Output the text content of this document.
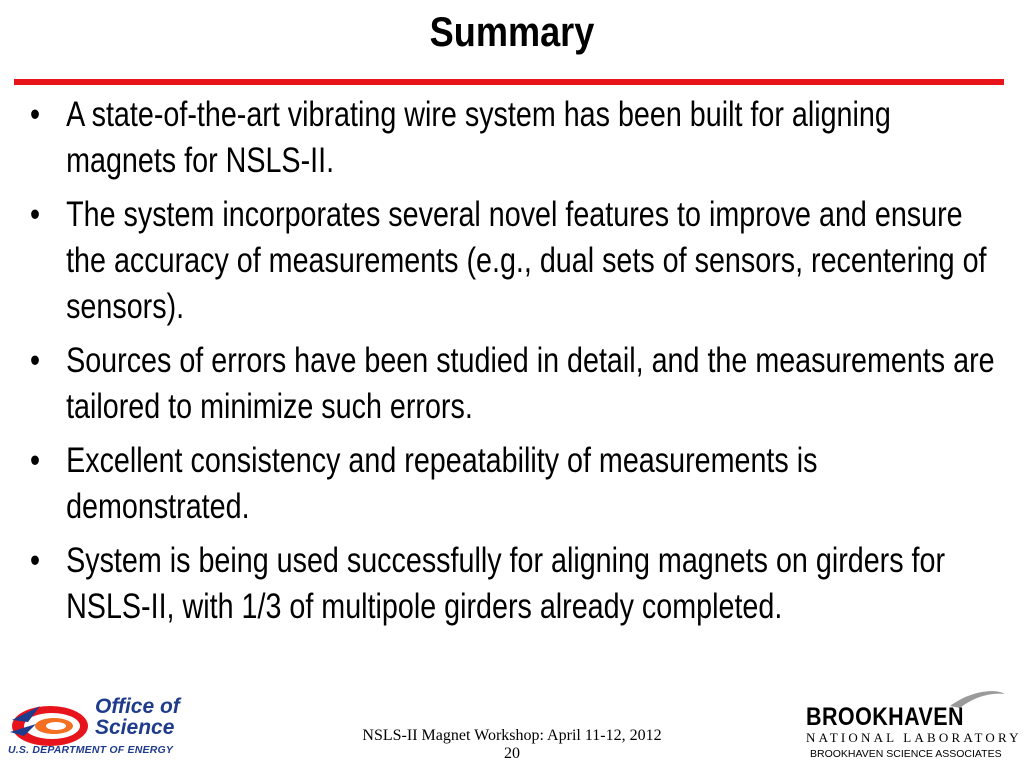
Summary
• A state-of-the-art vibrating wire system has been built for aligning magnets for NSLS-II.
• The system incorporates several novel features to improve and ensure the accuracy of measurements (e.g., dual sets of sensors, recentering of sensors).
• Sources of errors have been studied in detail, and the measurements are tailored to minimize such errors.
• Excellent consistency and repeatability of measurements is demonstrated.
• System is being used successfully for aligning magnets on girders for NSLS-II, with 1/3 of multipole girders already completed.
Office of
Science
U.S. DEPARTMENT OF ENERGY
NSLS-II Magnet Workshop: April 11-12, 2012
20
BROOKHAVEN
NATIONAL LABORATORY
BROOKHAVEN SCIENCE ASSOCIATES
